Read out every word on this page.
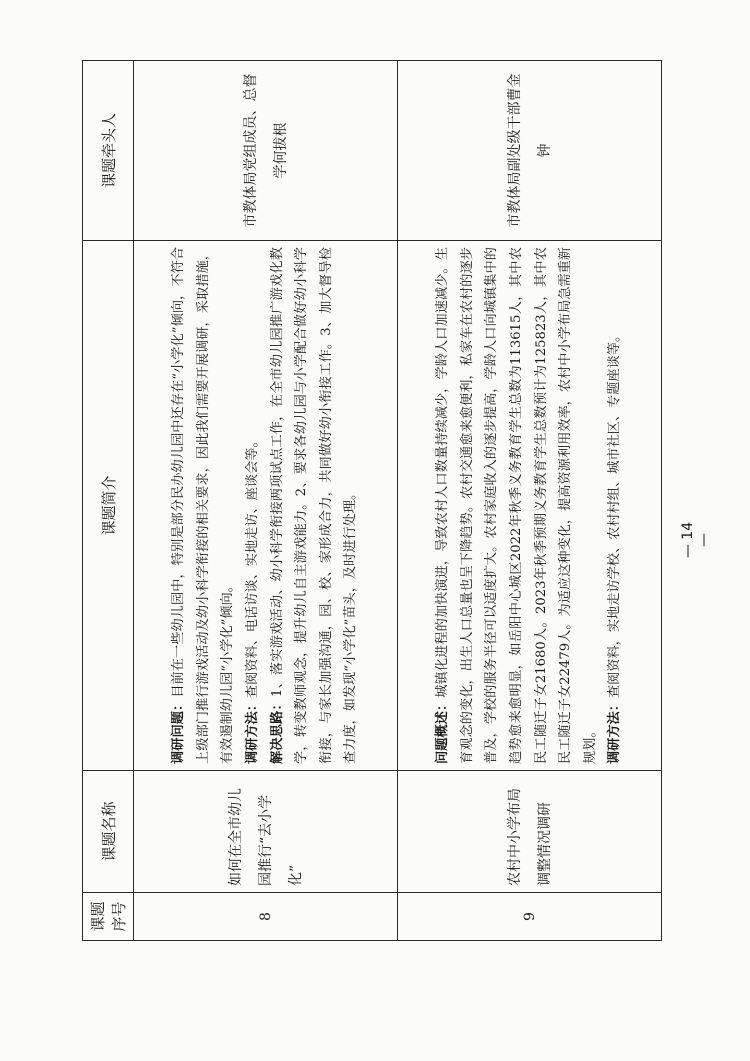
课题序号	课题名称	课题简介	课题牵头人
8	如何在全市幼儿园推行“去小学化”	调研问题：目前在一些幼儿园中，特别是部分民办幼儿园中还存在“小学化”倾向，不符合上级部门推行游戏活动及幼小科学衔接的相关要求，因此我们需要开展调研，采取措施，有效遏制幼儿园“小学化”倾向。 调研方法：查阅资料、电话访谈、实地走访、座谈会等。

解决思路：1、落实游戏活动、幼小科学衔接两项试点工作，在全市幼儿园推广游戏化教学，转变教师观念，提升幼儿自主游戏能力。2、要求各幼儿园与小学配合做好幼小科学衔接，与家长加强沟通，园、校、家形成合力，共同做好幼小衔接工作。3、加大督导检查力度，如发现“小学化”苗头，及时进行处理。	市教体局党组成员、总督学何拔根
9	农村中小学布局调整情况调研	问题概述：城镇化进程的加快演进，导致农村人口数量持续减少，学龄人口加速减少。生育观念的变化，出生人口总量也呈下降趋势。农村交通愈来愈便利，私家车在农村的逐步普及，学校的服务半径可以适度扩大。农村家庭收入的逐步提高，学龄人口向城镇集中的趋势愈来愈明显，如岳阳中心城区2022年秋季义务教育学生总数为113615人，其中农民工随迁子女21680人。2023年秋季预期义务教育学生总数预计为125823人，其中农民工随迁子女22479人。为适应这种变化，提高资源利用效率，农村中小学布局急需重新规划。 调研方法：查阅资料，实地走访学校、农村村组、城市社区、专题座谈等。	市教体局副处级干部曹金钟
— 14 —
